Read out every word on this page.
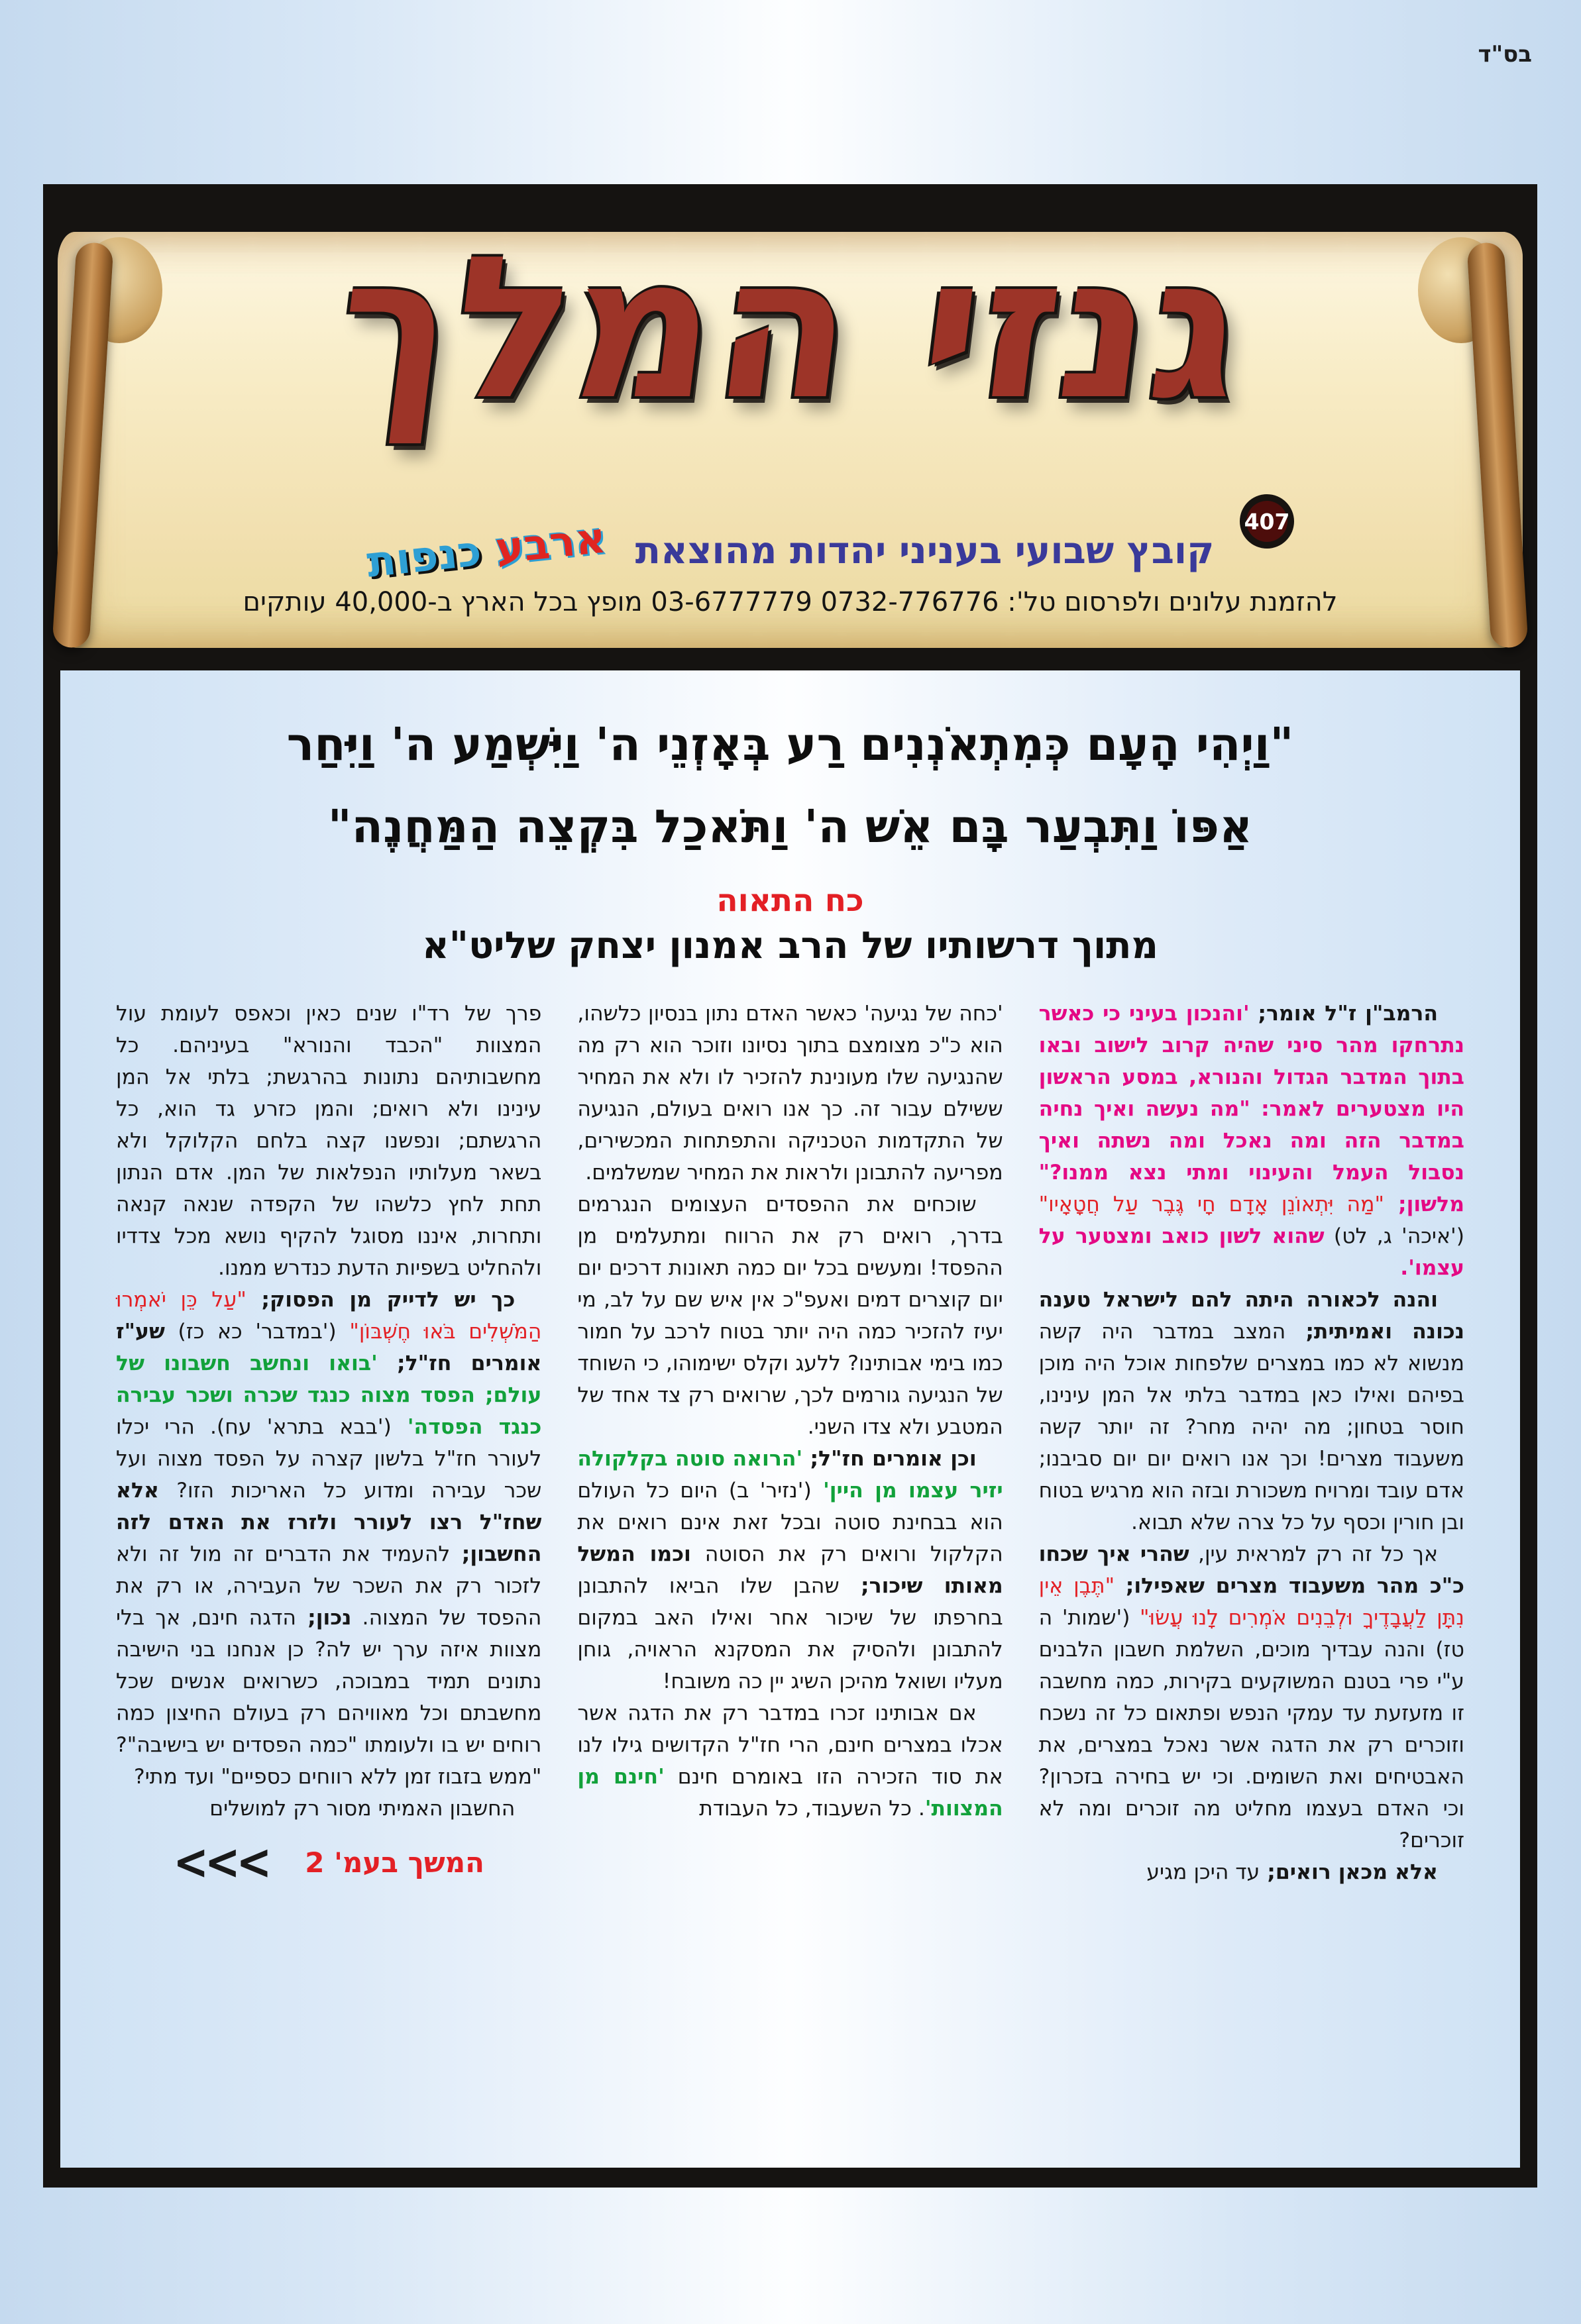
בס"ד
גנזי המלך
407
קובץ שבועי בעניני יהדות מהוצאת
ארבע כנפות
להזמנת עלונים ולפרסום טל': 0732-776776 03-6777779 מופץ בכל הארץ ב-40,000 עותקים
"וַיְהִי הָעָם כְּמִתְאֹנְנִים רַע בְּאָזְנֵי ה' וַיִּשְׁמַע ה' וַיִּחַר
אַפּוֹ וַתִּבְעַר בָּם אֵשׁ ה' וַתֹּאכַל בִּקְצֵה הַמַּחֲנֶה"
כח התאוה
מתוך דרשותיו של הרב אמנון יצחק שליט"א
הרמב"ן ז"ל אומר; 'והנכון בעיני כי כאשר נתרחקו מהר סיני שהיה קרוב לישוב ובאו בתוך המדבר הגדול והנורא, במסע הראשון היו מצטערים לאמר: "מה נעשה ואיך נחיה במדבר הזה ומה נאכל ומה נשתה ואיך נסבול העמל והעינוי ומתי נצא ממנו?" מלשון; "מַה יִּתְאוֹנֵן אָדָם חָי גֶּבֶר עַל חֲטָאָיו" ('איכה' ג, לט) שהוא לשון כואב ומצטער על עצמו'.
והנה לכאורה היתה להם לישראל טענה נכונה ואמיתית; המצב במדבר היה קשה מנשוא לא כמו במצרים שלפחות אוכל היה מוכן בפיהם ואילו כאן במדבר בלתי אל המן עינינו, חוסר בטחון; מה יהיה מחר? זה יותר קשה משעבוד מצרים! וכך אנו רואים יום יום סביבנו; אדם עובד ומרויח משכורת ובזה הוא מרגיש בטוח ובן חורין וכסף על כל צרה שלא תבוא.
אך כל זה רק למראית עין, שהרי איך שכחו כ"כ מהר משעבוד מצרים שאפילו; "תֶּבֶן אֵין נִתָּן לַעֲבָדֶיךָ וּלְבֵנִים אֹמְרִים לָנוּ עֲשׂוּ" ('שמות' ה טז) והנה עבדיך מוכים, השלמת חשבון הלבנים ע"י פרי בטנם המשוקעים בקירות, כמה מחשבה זו מזעזעת עד עמקי הנפש ופתאום כל זה נשכח וזוכרים רק את הדגה אשר נאכל במצרים, את האבטיחים ואת השומים. וכי יש בחירה בזכרון? וכי האדם בעצמו מחליט מה זוכרים ומה לא זוכרים?
אלא מכאן רואים; עד היכן מגיע
'כחה של נגיעה' כאשר האדם נתון בנסיון כלשהו, הוא כ"כ מצומצם בתוך נסיונו וזוכר הוא רק מה שהנגיעה שלו מעונינת להזכיר לו ולא את המחיר ששילם עבור זה. כך אנו רואים בעולם, הנגיעה של התקדמות הטכניקה והתפתחות המכשירים, מפריעה להתבונן ולראות את המחיר שמשלמים.
שוכחים את ההפסדים העצומים הנגרמים בדרך, רואים רק את הרווח ומתעלמים מן ההפסד! ומעשים בכל יום כמה תאונות דרכים יום יום קוצרים דמים ואעפ"כ אין איש שם על לב, מי יעיז להזכיר כמה היה יותר בטוח לרכב על חמור כמו בימי אבותינו? ללעג וקלס ישימוהו, כי השוחד של הנגיעה גורמים לכך, שרואים רק צד אחד של המטבע ולא צדו השני.
וכן אומרים חז"ל; 'הרואה סוטה בקלקולה יזיר עצמו מן היין' ('נזיר' ב) היום כל העולם הוא בבחינת סוטה ובכל זאת אינם רואים את הקלקול ורואים רק את הסוטה וכמו המשל מאותו שיכור; שהבן שלו הביאו להתבונן בחרפתו של שיכור אחר ואילו האב במקום להתבונן ולהסיק את המסקנא הראויה, גוחן מעליו ושואל מהיכן השיג יין כה משובח!
אם אבותינו זכרו במדבר רק את הדגה אשר אכלו במצרים חינם, הרי חז"ל הקדושים גילו לנו את סוד הזכירה הזו באומרם חינם 'חינם מן המצוות'. כל השעבוד, כל העבודת
פרך של רד"ו שנים כאין וכאפס לעומת עול המצוות "הכבד והנורא" בעיניהם. כל מחשבותיהם נתונות בהרגשת; בלתי אל המן עינינו ולא רואים; והמן כזרע גד הוא, כל הרגשתם; ונפשנו קצה בלחם הקלוקל ולא בשאר מעלותיו הנפלאות של המן. אדם הנתון תחת לחץ כלשהו של הקפדה שנאה קנאה ותחרות, איננו מסוגל להקיף נושא מכל צדדיו ולהחליט בשפיות הדעת כנדרש ממנו.
כך יש לדייק מן הפסוק; "עַל כֵּן יֹאמְרוּ הַמֹּשְׁלִים בֹּאוּ חֶשְׁבּוֹן" ('במדבר' כא כז) שע"ז אומרים חז"ל; 'בואו ונחשב חשבונו של עולם; הפסד מצוה כנגד שכרה ושכר עבירה כנגד הפסדה' ('בבא בתרא' עח). הרי יכלו לעורר חז"ל בלשון קצרה על הפסד מצוה ועל שכר עבירה ומדוע כל האריכות הזו? אלא שחז"ל רצו לעורר ולזרז את האדם לזה החשבון; להעמיד את הדברים זה מול זה ולא לזכור רק את השכר של העבירה, או רק את ההפסד של המצוה. נכון; הדגה חינם, אך בלי מצוות איזה ערך יש לה? כן אנחנו בני הישיבה נתונים תמיד במבוכה, כשרואים אנשים שכל מחשבתם וכל מאוויהם רק בעולם החיצון כמה רוחים יש בו ולעומתו "כמה הפסדים יש בישיבה"? "ממש בזבוז זמן ללא רווחים כספיים" ועד מתי?
החשבון האמיתי מסור רק למושלים
המשך בעמ' 2
<<<
